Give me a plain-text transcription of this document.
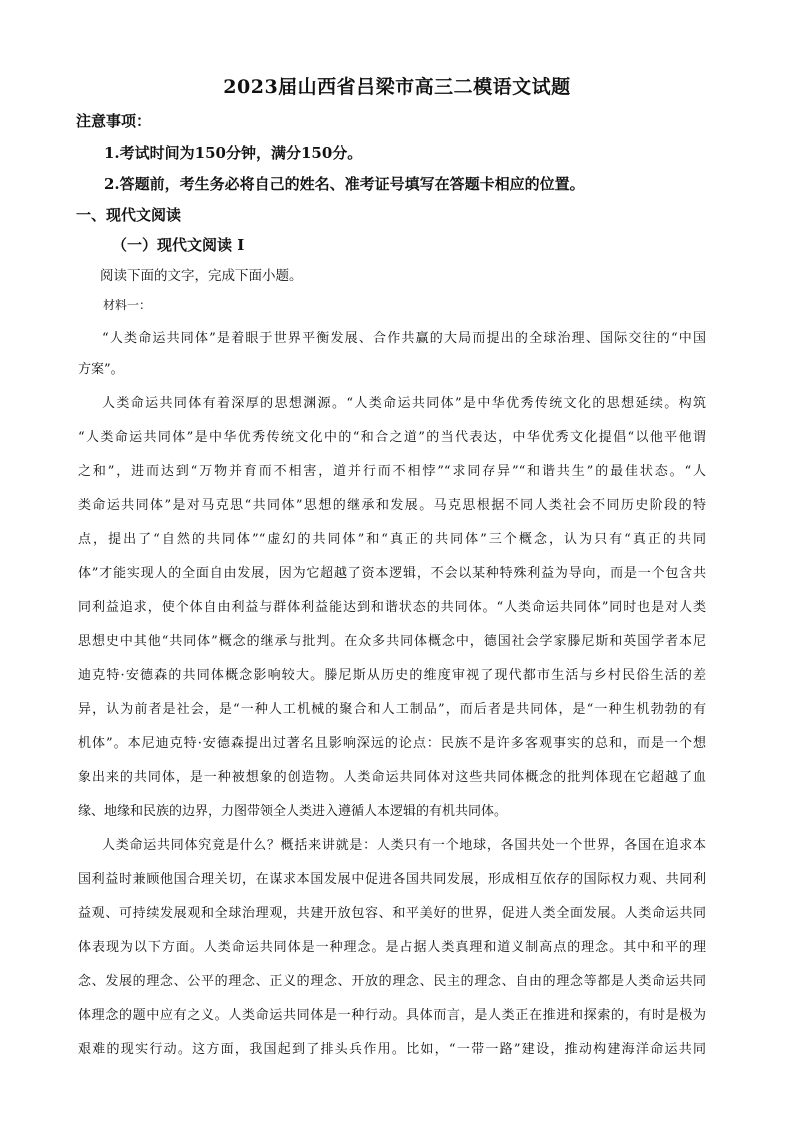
2023届山西省吕梁市高三二模语文试题
注意事项：
1.考试时间为150分钟，满分150分。
2.答题前，考生务必将自己的姓名、准考证号填写在答题卡相应的位置。
一、现代文阅读
（一）现代文阅读 I
阅读下面的文字，完成下面小题。
材料一：
“人类命运共同体”是着眼于世界平衡发展、合作共赢的大局而提出的全球治理、国际交往的“中国
方案”。
人类命运共同体有着深厚的思想渊源。“人类命运共同体”是中华优秀传统文化的思想延续。构筑
“人类命运共同体”是中华优秀传统文化中的“和合之道”的当代表达，中华优秀文化提倡“以他平他谓
之和”，进而达到“万物并育而不相害，道并行而不相悖”“求同存异”“和谐共生”的最佳状态。“人
类命运共同体”是对马克思“共同体”思想的继承和发展。马克思根据不同人类社会不同历史阶段的特
点，提出了“自然的共同体”“虚幻的共同体”和“真正的共同体”三个概念，认为只有“真正的共同
体”才能实现人的全面自由发展，因为它超越了资本逻辑，不会以某种特殊利益为导向，而是一个包含共
同利益追求，使个体自由利益与群体利益能达到和谐状态的共同体。“人类命运共同体”同时也是对人类
思想史中其他“共同体”概念的继承与批判。在众多共同体概念中，德国社会学家滕尼斯和英国学者本尼
迪克特·安德森的共同体概念影响较大。滕尼斯从历史的维度审视了现代都市生活与乡村民俗生活的差
异，认为前者是社会，是“一种人工机械的聚合和人工制品”，而后者是共同体，是“一种生机勃勃的有
机体”。本尼迪克特·安德森提出过著名且影响深远的论点：民族不是许多客观事实的总和，而是一个想
象出来的共同体，是一种被想象的创造物。人类命运共同体对这些共同体概念的批判体现在它超越了血
缘、地缘和民族的边界，力图带领全人类进入遵循人本逻辑的有机共同体。
人类命运共同体究竟是什么？概括来讲就是：人类只有一个地球，各国共处一个世界，各国在追求本
国利益时兼顾他国合理关切，在谋求本国发展中促进各国共同发展，形成相互依存的国际权力观、共同利
益观、可持续发展观和全球治理观，共建开放包容、和平美好的世界，促进人类全面发展。人类命运共同
体表现为以下方面。人类命运共同体是一种理念。是占据人类真理和道义制高点的理念。其中和平的理
念、发展的理念、公平的理念、正义的理念、开放的理念、民主的理念、自由的理念等都是人类命运共同
体理念的题中应有之义。人类命运共同体是一种行动。具体而言，是人类正在推进和探索的，有时是极为
艰难的现实行动。这方面，我国起到了排头兵作用。比如，“一带一路”建设，推动构建海洋命运共同
